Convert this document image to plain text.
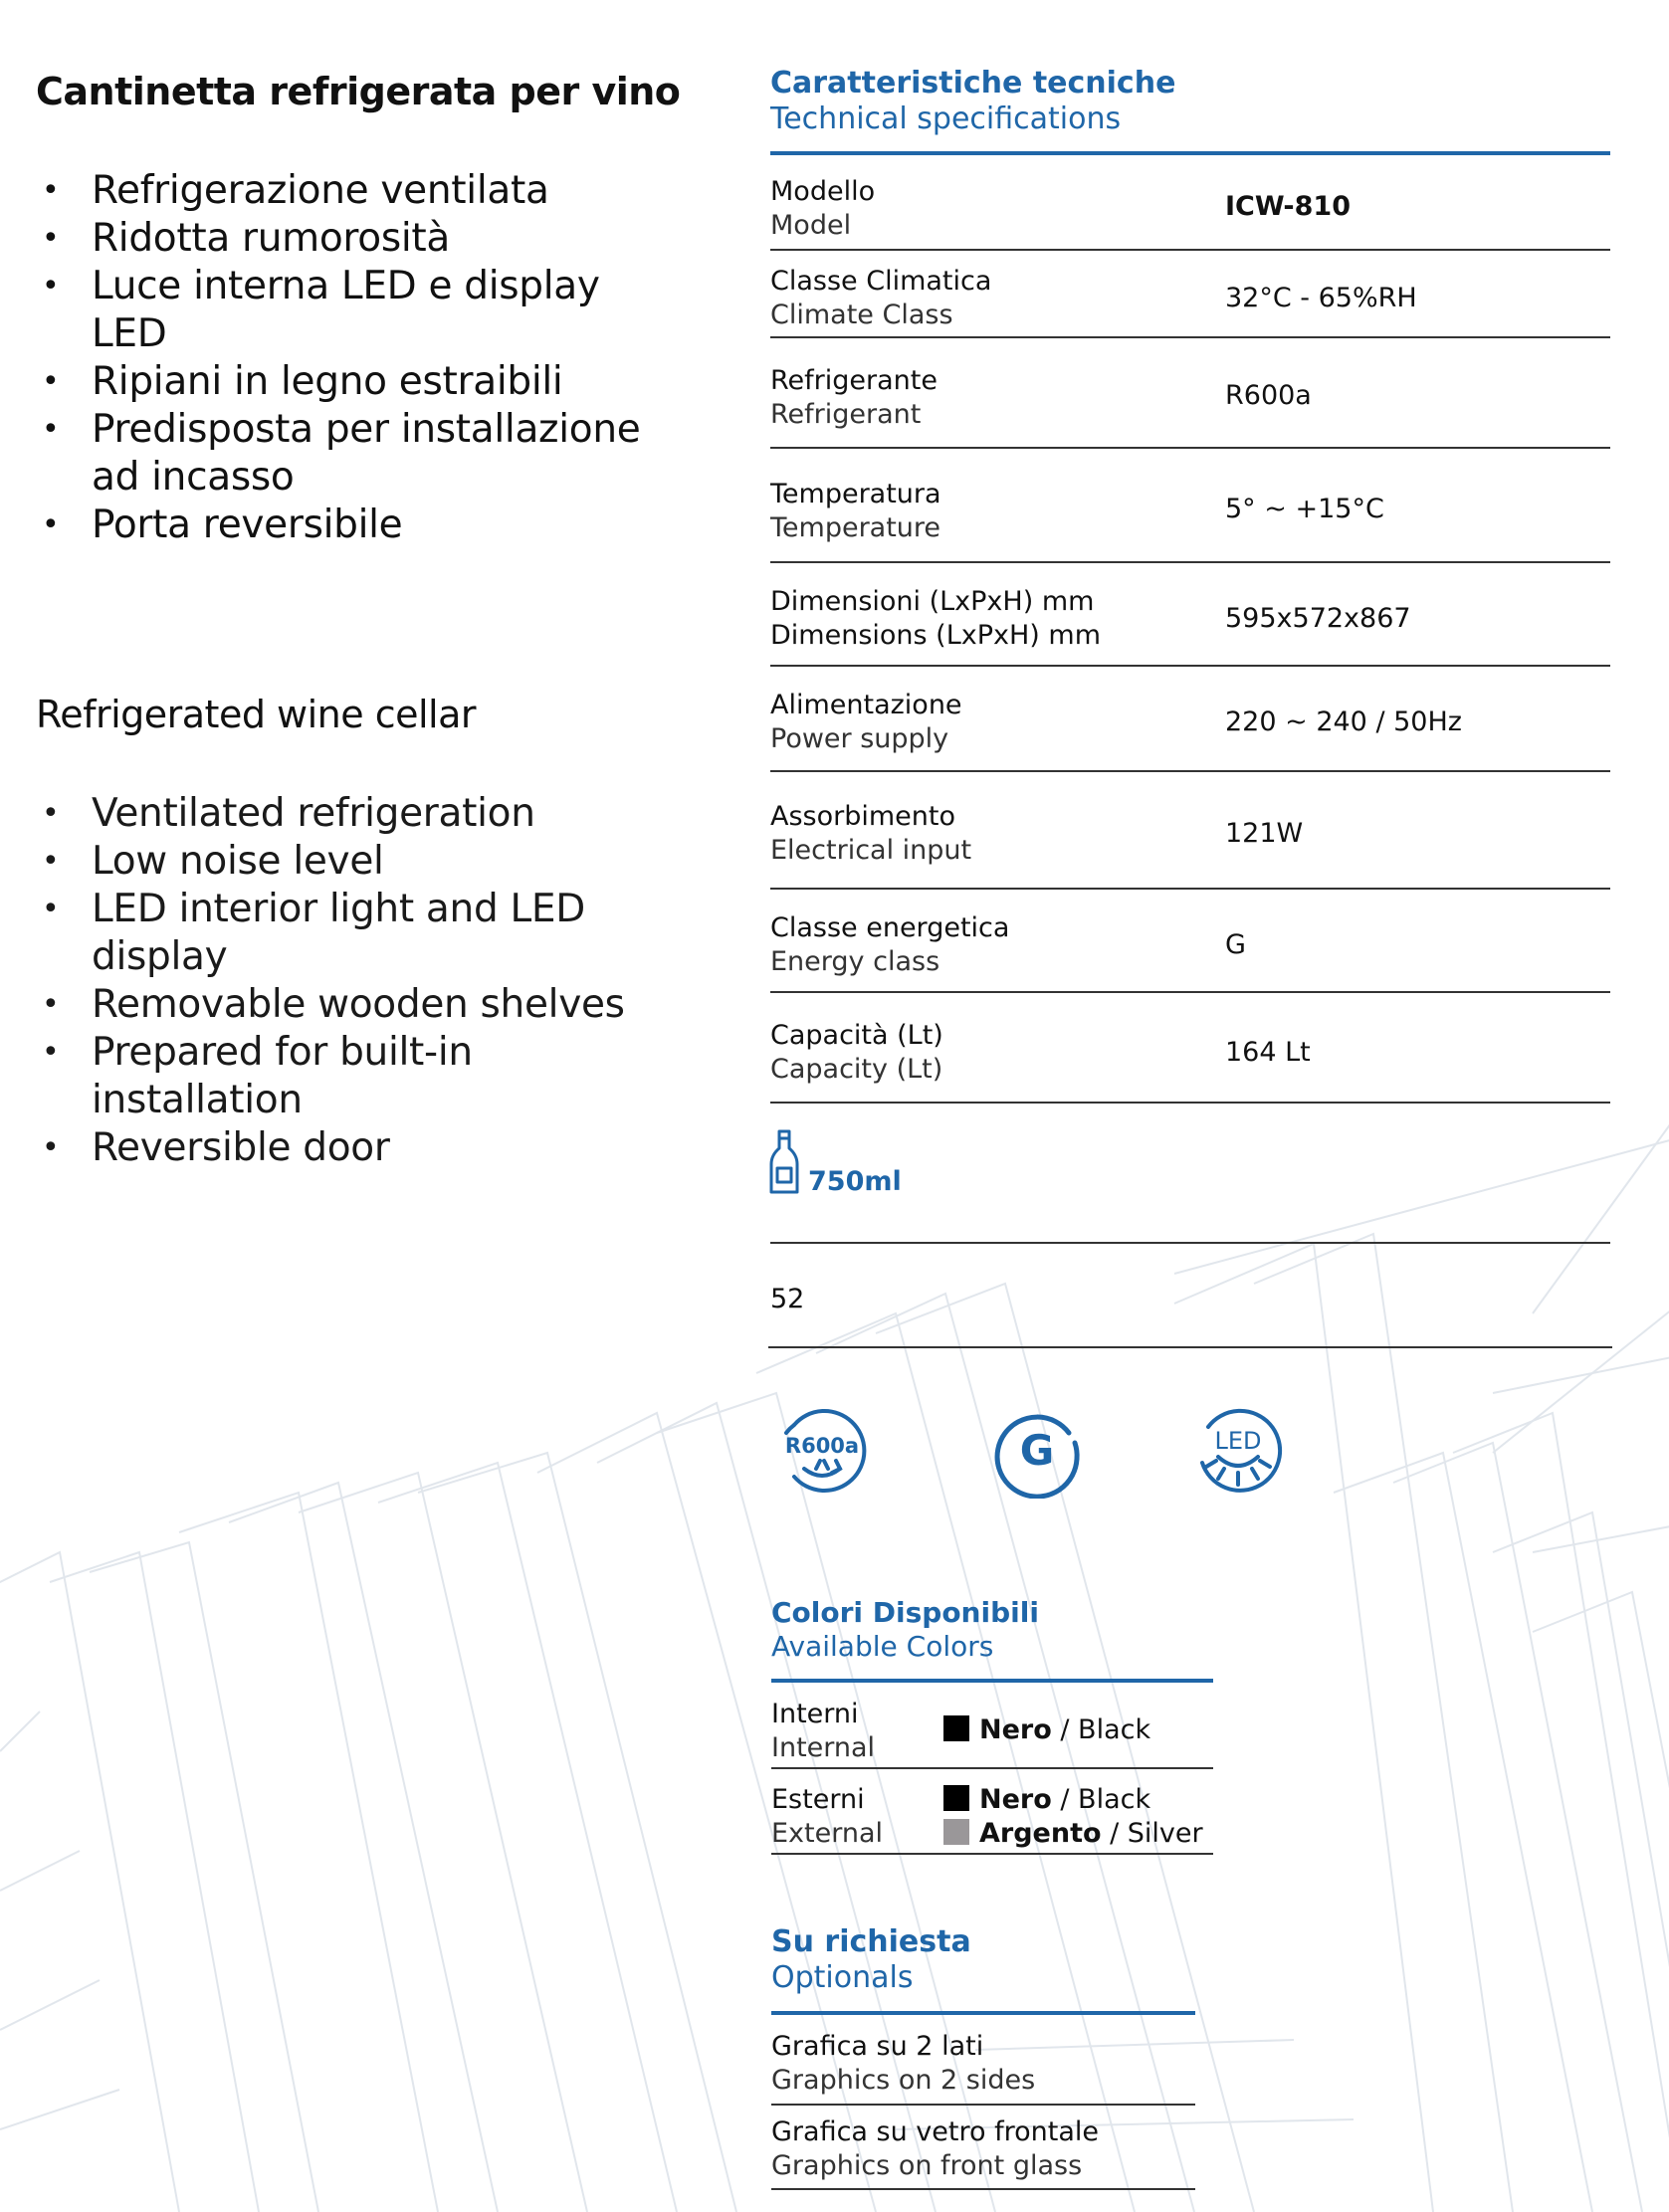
Cantinetta refrigerata per vino
• Refrigerazione ventilata
• Ridotta rumorosità
• Luce interna LED e display LED
• Ripiani in legno estraibili
• Predisposta per installazione ad incasso
• Porta reversibile
Refrigerated wine cellar
• Ventilated refrigeration
• Low noise level
• LED interior light and LED display
• Removable wooden shelves
• Prepared for built-in installation
• Reversible door
Caratteristiche tecniche
Technical specifications
Modello
Model
ICW-810
Classe Climatica
Climate Class
32°C - 65%RH
Refrigerante
Refrigerant
R600a
Temperatura
Temperature
5° ~ +15°C
Dimensioni (LxPxH) mm
Dimensions (LxPxH) mm
595x572x867
Alimentazione
Power supply
220 ~ 240 / 50Hz
Assorbimento
Electrical input
121W
Classe energetica
Energy class
G
Capacità (Lt)
Capacity (Lt)
164 Lt
750ml
52
R600a	G	LED
Colori Disponibili
Available Colors
Interni
Internal
Nero / Black
Esterni
External
Nero / Black
Argento / Silver
Su richiesta
Optionals
Grafica su 2 lati
Graphics on 2 sides
Grafica su vetro frontale
Graphics on front glass
